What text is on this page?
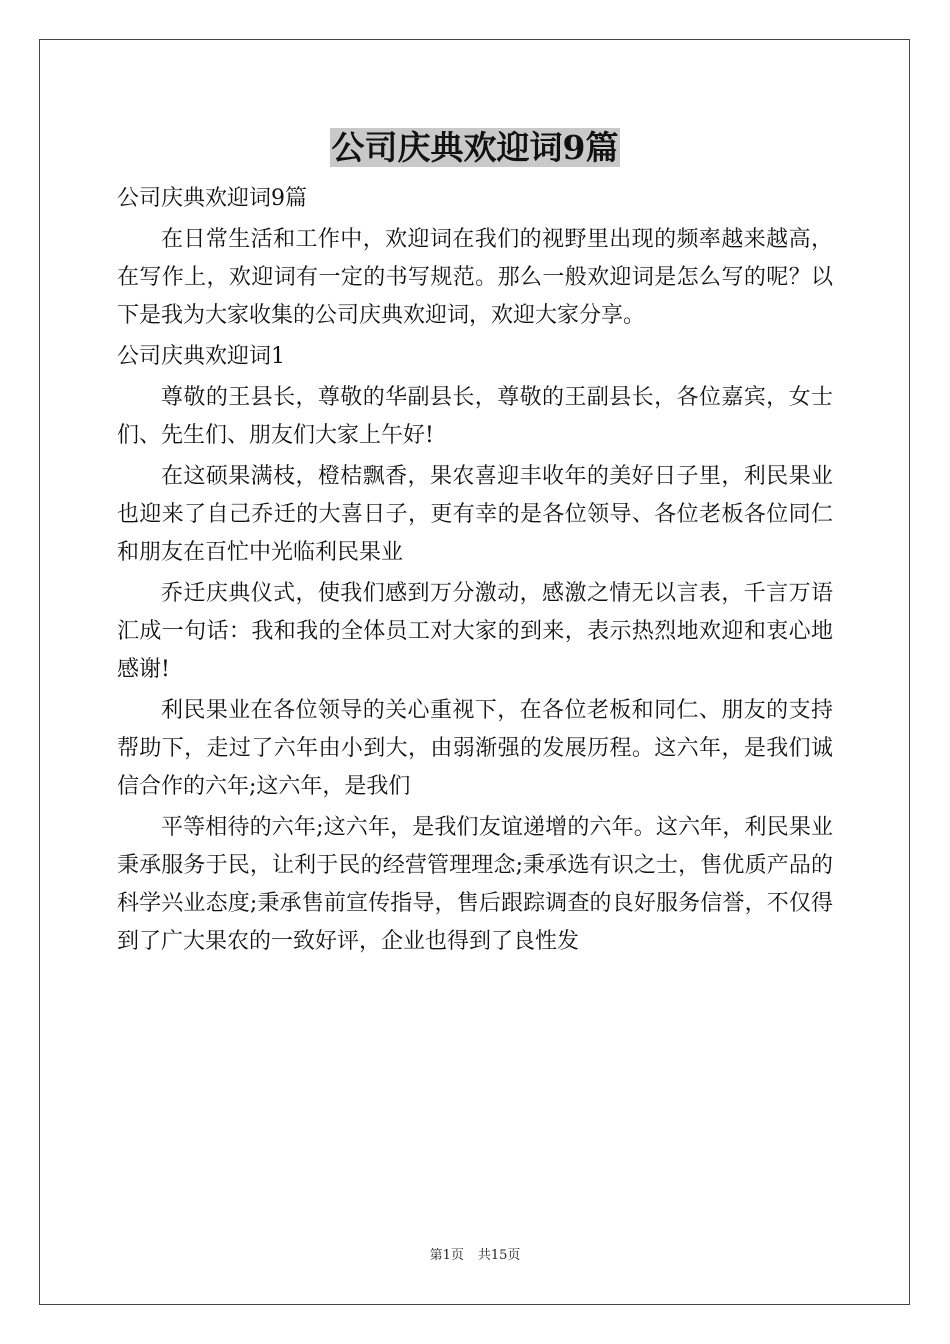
公司庆典欢迎词9篇

公司庆典欢迎词9篇

在日常生活和工作中，欢迎词在我们的视野里出现的频率越来越高，在写作上，欢迎词有一定的书写规范。那么一般欢迎词是怎么写的呢？以下是我为大家收集的公司庆典欢迎词，欢迎大家分享。

公司庆典欢迎词1

尊敬的王县长，尊敬的华副县长，尊敬的王副县长，各位嘉宾，女士们、先生们、朋友们大家上午好!

在这硕果满枝，橙桔飘香，果农喜迎丰收年的美好日子里，利民果业也迎来了自己乔迁的大喜日子，更有幸的是各位领导、各位老板各位同仁和朋友在百忙中光临利民果业

乔迁庆典仪式，使我们感到万分激动，感激之情无以言表，千言万语汇成一句话：我和我的全体员工对大家的到来，表示热烈地欢迎和衷心地感谢!

利民果业在各位领导的关心重视下，在各位老板和同仁、朋友的支持帮助下，走过了六年由小到大，由弱渐强的发展历程。这六年，是我们诚信合作的六年;这六年，是我们

平等相待的六年;这六年，是我们友谊递增的六年。这六年，利民果业秉承服务于民，让利于民的经营管理理念;秉承选有识之士，售优质产品的科学兴业态度;秉承售前宣传指导，售后跟踪调查的良好服务信誉，不仅得到了广大果农的一致好评，企业也得到了良性发

第1页 共15页
